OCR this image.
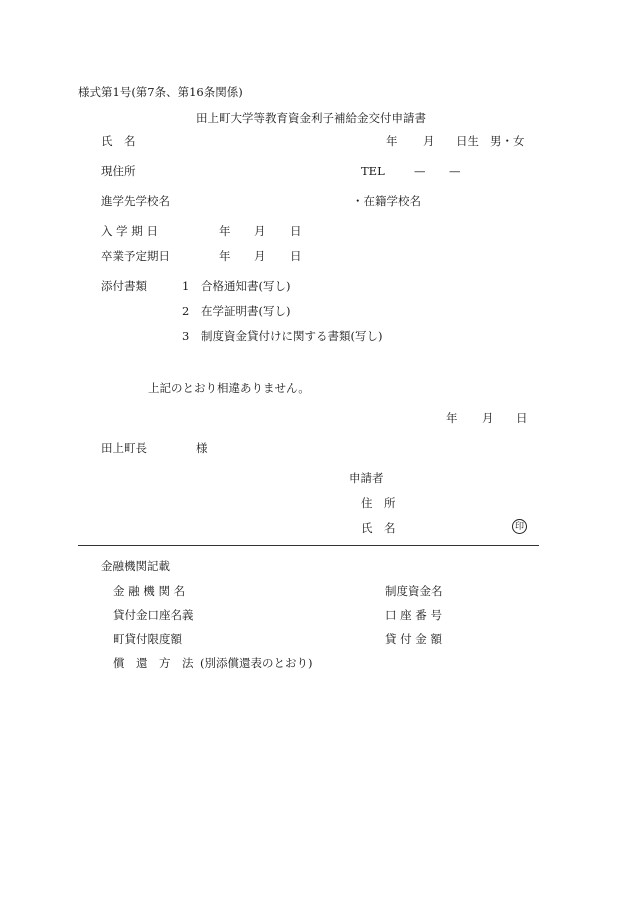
様式第1号(第7条、第16条関係)
田上町大学等教育資金利子補給金交付申請書
氏　名	年 月 日生 男・女
現住所	TEL	— —
進学先学校名	・在籍学校名
入 学 期 日	年 月 日
卒業予定期日	年 月 日
添付書類	1 合格通知書(写し)
2 在学証明書(写し)
3 制度資金貸付けに関する書類(写し)
上記のとおり相違ありません。
年 月 日
田上町長	様
申請者
住　所
氏　名	印
金融機関記載
金 融 機 関 名	制度資金名
貸付金口座名義	口 座 番 号
町貸付限度額	貸 付 金 額
償　還　方　法 (別添償還表のとおり)
